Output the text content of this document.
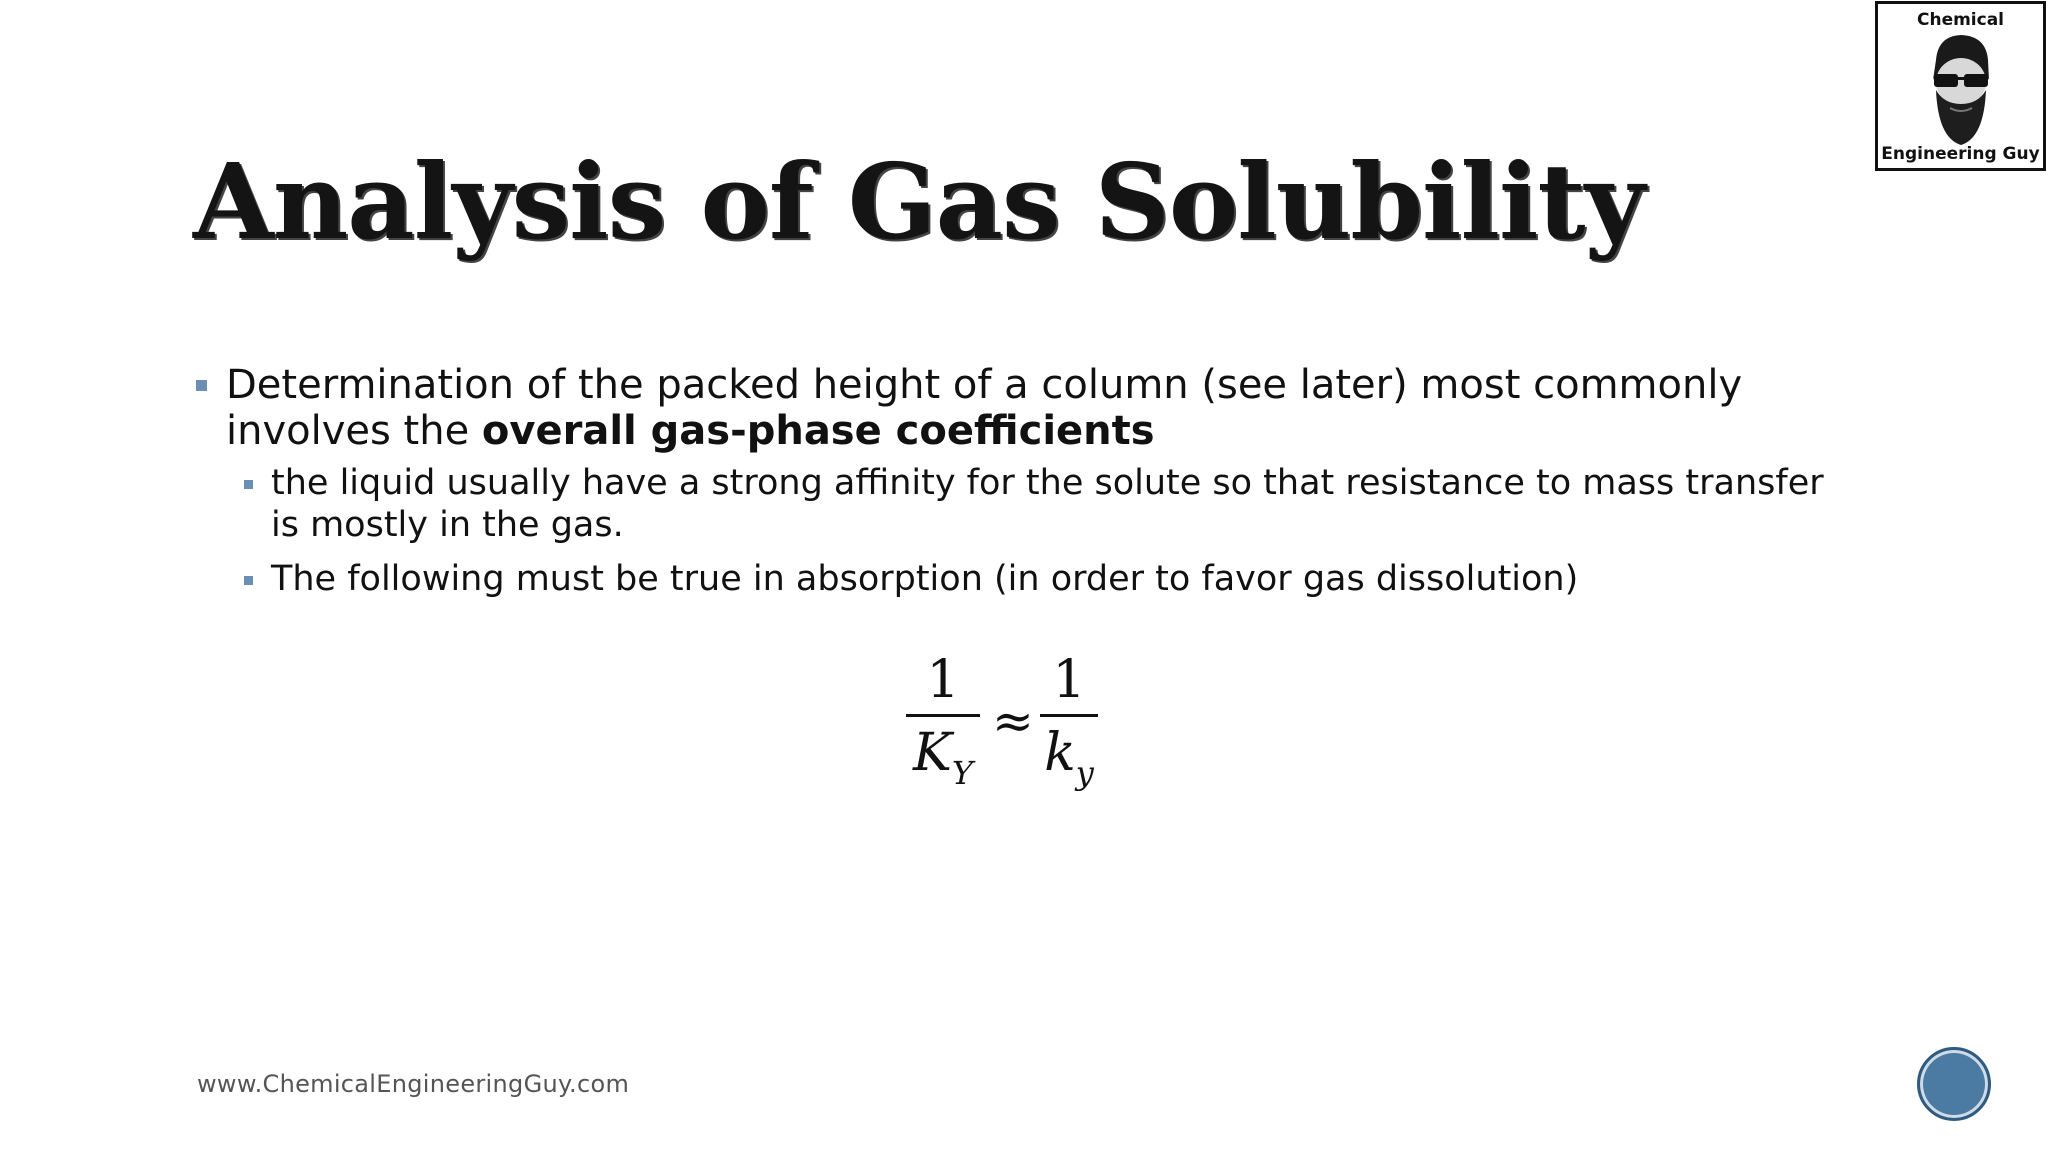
Analysis of Gas Solubility
Determination of the packed height of a column (see later) most commonly involves the overall gas-phase coefficients
the liquid usually have a strong affinity for the solute so that resistance to mass transfer is mostly in the gas.
The following must be true in absorption (in order to favor gas dissolution)
1
$K_Y$
≈
1
$k_y$
www.ChemicalEngineeringGuy.com
Chemical
Engineering Guy
